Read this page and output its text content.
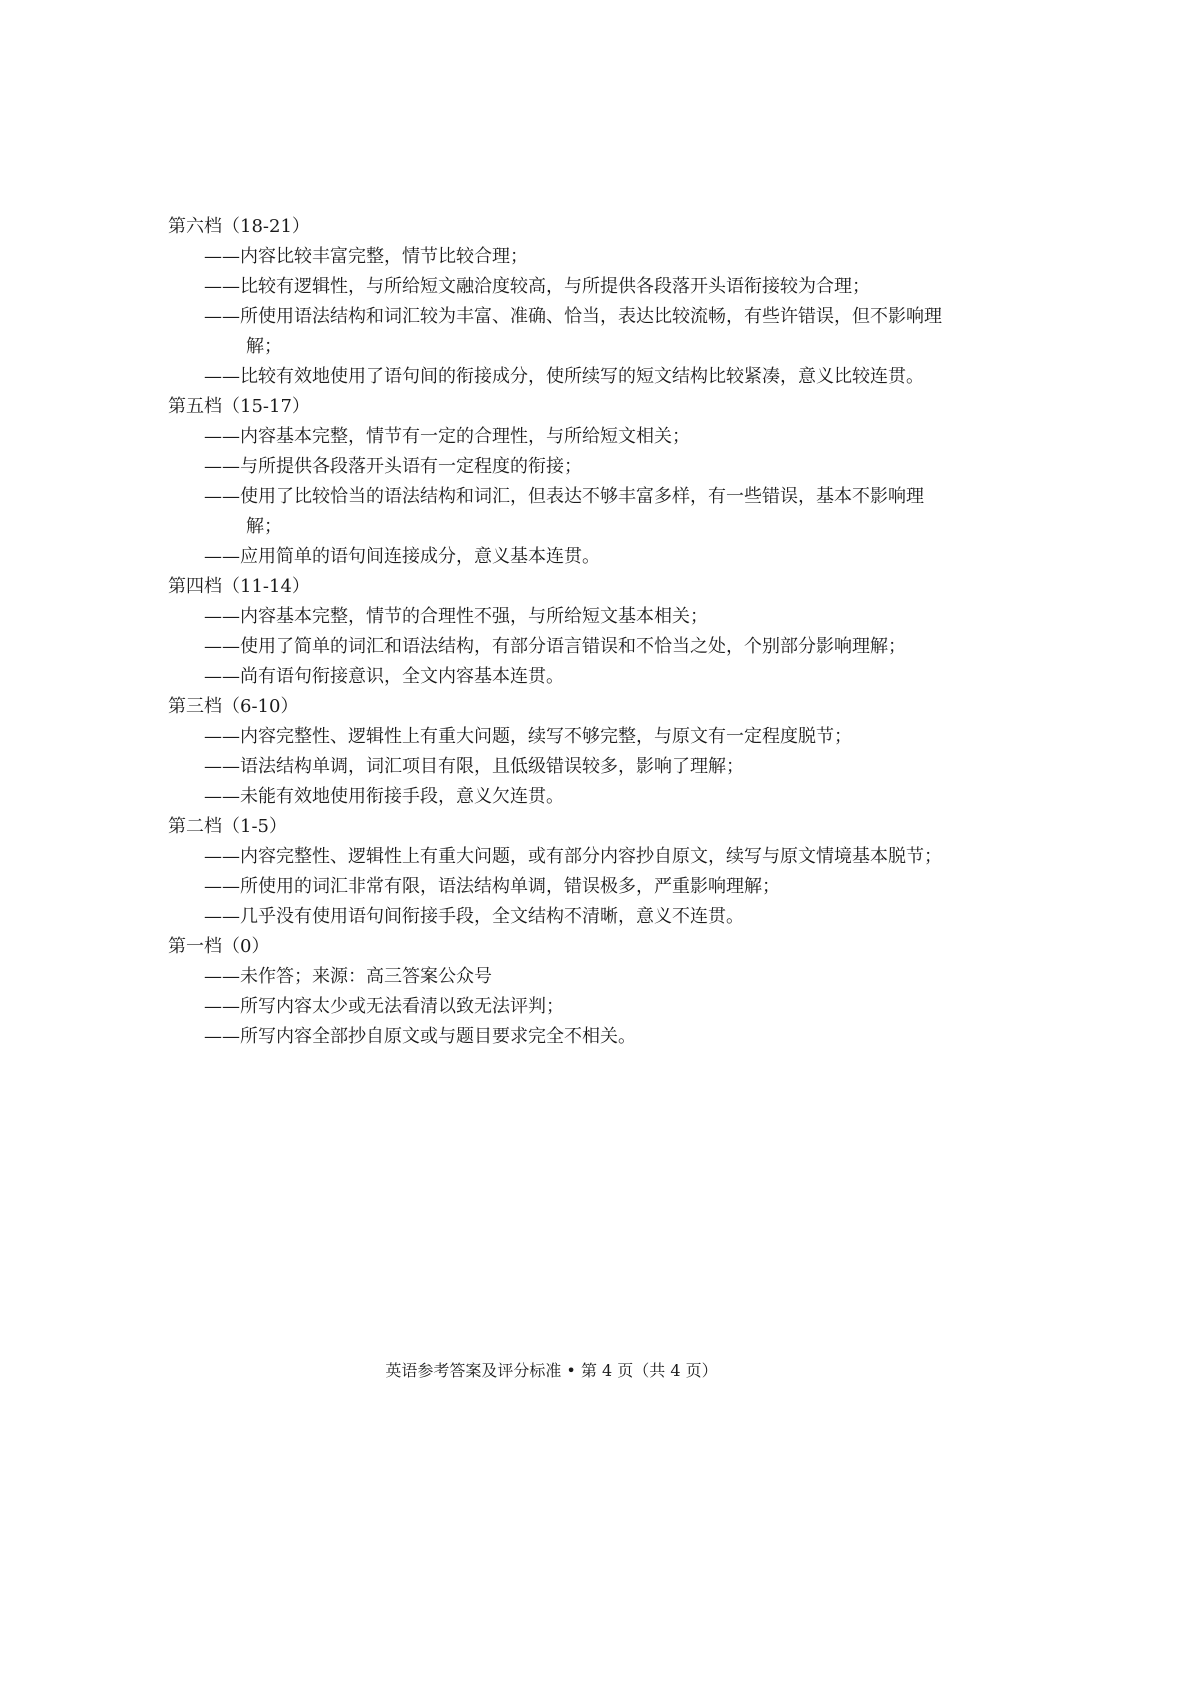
第六档（18-21）
——内容比较丰富完整，情节比较合理；
——比较有逻辑性，与所给短文融洽度较高，与所提供各段落开头语衔接较为合理；
——所使用语法结构和词汇较为丰富、准确、恰当，表达比较流畅，有些许错误，但不影响理解；
——比较有效地使用了语句间的衔接成分，使所续写的短文结构比较紧凑，意义比较连贯。
第五档（15-17）
——内容基本完整，情节有一定的合理性，与所给短文相关；
——与所提供各段落开头语有一定程度的衔接；
——使用了比较恰当的语法结构和词汇，但表达不够丰富多样，有一些错误，基本不影响理解；
——应用简单的语句间连接成分，意义基本连贯。
第四档（11-14）
——内容基本完整，情节的合理性不强，与所给短文基本相关；
——使用了简单的词汇和语法结构，有部分语言错误和不恰当之处，个别部分影响理解；
——尚有语句衔接意识，全文内容基本连贯。
第三档（6-10）
——内容完整性、逻辑性上有重大问题，续写不够完整，与原文有一定程度脱节；
——语法结构单调，词汇项目有限，且低级错误较多，影响了理解；
——未能有效地使用衔接手段，意义欠连贯。
第二档（1-5）
——内容完整性、逻辑性上有重大问题，或有部分内容抄自原文，续写与原文情境基本脱节；
——所使用的词汇非常有限，语法结构单调，错误极多，严重影响理解；
——几乎没有使用语句间衔接手段，全文结构不清晰，意义不连贯。
第一档（0）
——未作答；来源：高三答案公众号
——所写内容太少或无法看清以致无法评判；
——所写内容全部抄自原文或与题目要求完全不相关。
英语参考答案及评分标准 • 第 4 页（共 4 页）
